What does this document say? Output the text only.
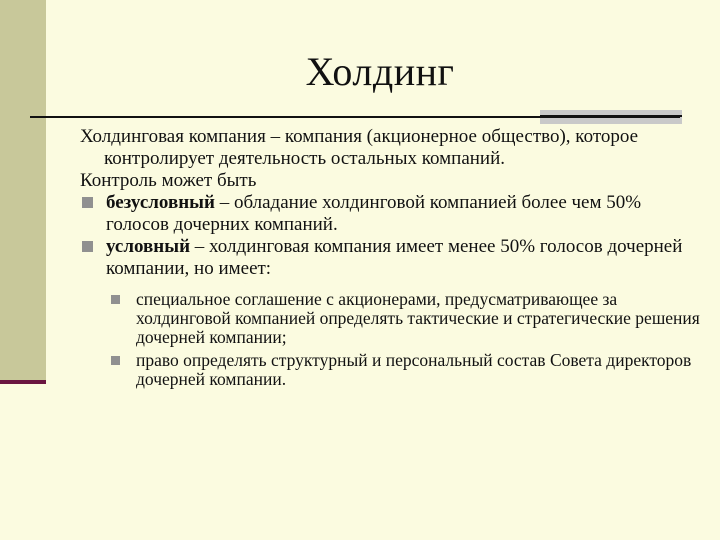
Холдинг

Холдинговая компания – компания (акционерное общество), которое контролирует деятельность остальных компаний.

Контроль может быть

безусловный – обладание холдинговой компанией более чем 50% голосов дочерних компаний.

условный – холдинговая компания имеет менее 50% голосов дочерней компании, но имеет:

специальное соглашение с акционерами, предусматривающее за холдинговой компанией определять тактические и стратегические решения дочерней компании;

право определять структурный и персональный состав Совета директоров дочерней компании.
